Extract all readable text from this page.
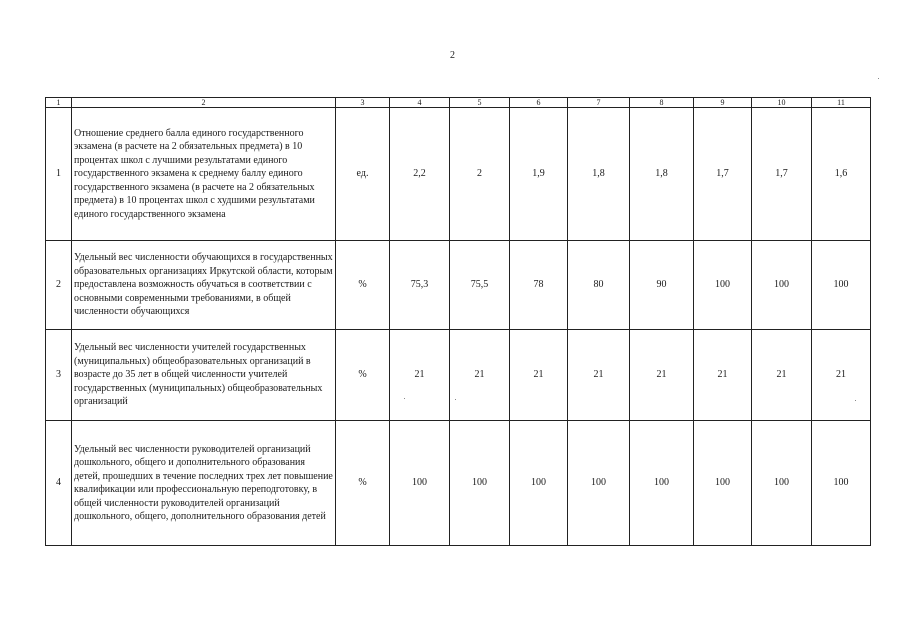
2
1	2	3	4	5	6	7	8	9	10	11
1	Отношение среднего балла единого государственного экзамена (в расчете на 2 обязательных предмета) в 10 процентах школ с лучшими результатами единого государственного экзамена к среднему баллу единого государственного экзамена (в расчете на 2 обязательных предмета) в 10 процентах школ с худшими результатами единого государственного экзамена	ед.	2,2	2	1,9	1,8	1,8	1,7	1,7	1,6
2	Удельный вес численности обучающихся в государственных образовательных организациях Иркутской области, которым предоставлена возможность обучаться в соответствии с основными современными требованиями, в общей численности обучающихся	%	75,3	75,5	78	80	90	100	100	100
3	Удельный вес численности учителей государственных (муниципальных) общеобразовательных организаций в возрасте до 35 лет в общей численности учителей государственных (муниципальных) общеобразовательных организаций	%	21	21	21	21	21	21	21	21
4	Удельный вес численности руководителей организаций дошкольного, общего и дополнительного образования детей, прошедших в течение последних трех лет повышение квалификации или профессиональную переподготовку, в общей численности руководителей организаций дошкольного, общего, дополнительного образования детей	%	100	100	100	100	100	100	100	100
